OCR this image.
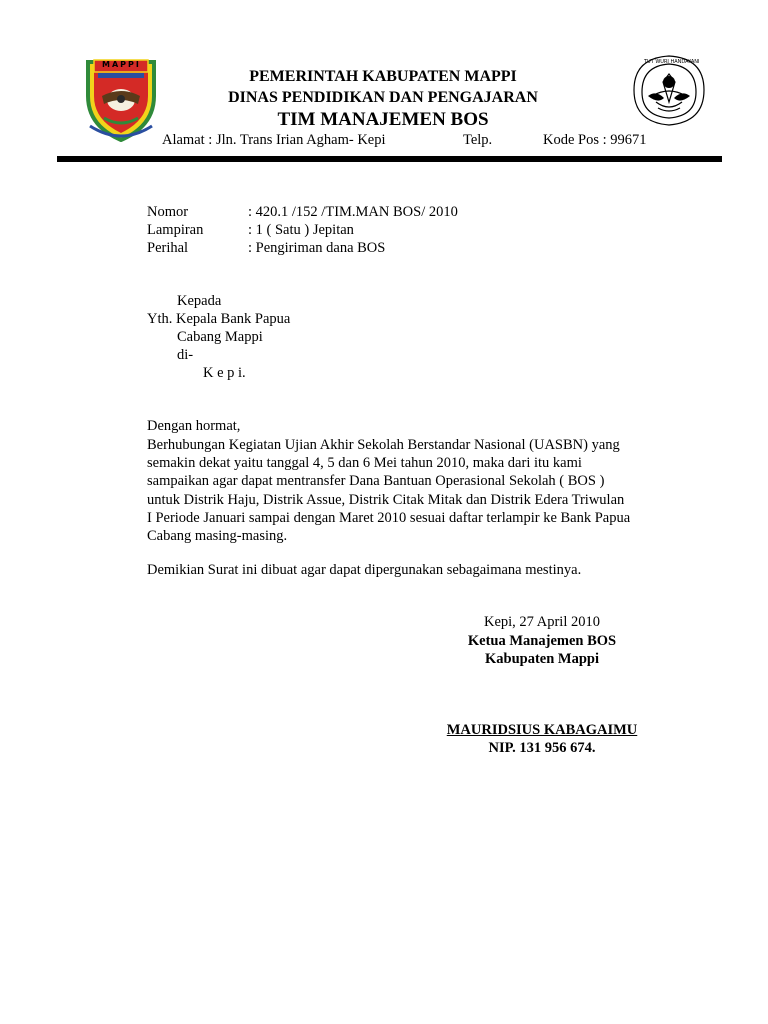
MAPPI	TUT WURI HANDAYANI
PEMERINTAH KABUPATEN MAPPI
DINAS PENDIDIKAN DAN PENGAJARAN
TIM MANAJEMEN BOS
Alamat : Jln. Trans Irian Agham- Kepi	Telp.	Kode Pos : 99671
Nomor	: 420.1 /152 /TIM.MAN BOS/ 2010
Lampiran	: 1 ( Satu ) Jepitan
Perihal	: Pengiriman dana BOS
Kepada
Yth. Kepala Bank Papua
Cabang Mappi
di-
K e p i.
Dengan hormat,
Berhubungan Kegiatan Ujian Akhir Sekolah Berstandar Nasional (UASBN) yang
semakin dekat yaitu tanggal 4, 5 dan 6 Mei tahun 2010, maka dari itu kami
sampaikan agar dapat mentransfer Dana Bantuan Operasional Sekolah ( BOS )
untuk Distrik Haju, Distrik Assue, Distrik Citak Mitak dan Distrik Edera Triwulan
I Periode Januari sampai dengan Maret 2010 sesuai daftar terlampir ke Bank Papua
Cabang masing-masing.
Demikian Surat ini dibuat agar dapat dipergunakan sebagaimana mestinya.
Kepi, 27 April 2010
Ketua Manajemen BOS
Kabupaten Mappi
MAURIDSIUS KABAGAIMU
NIP. 131 956 674.
